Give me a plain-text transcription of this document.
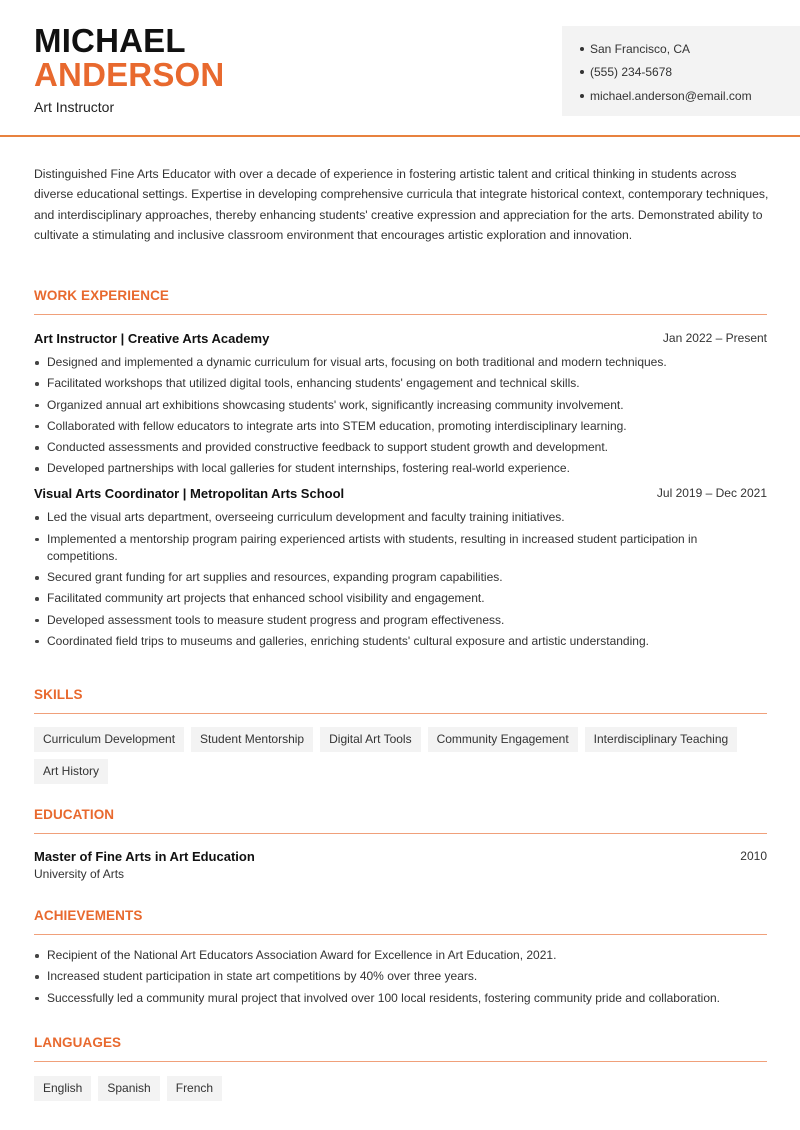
MICHAEL
ANDERSON
Art Instructor
San Francisco, CA
(555) 234-5678
michael.anderson@email.com

Distinguished Fine Arts Educator with over a decade of experience in fostering artistic talent and critical thinking in students across diverse educational settings. Expertise in developing comprehensive curricula that integrate historical context, contemporary techniques, and interdisciplinary approaches, thereby enhancing students' creative expression and appreciation for the arts. Demonstrated ability to cultivate a stimulating and inclusive classroom environment that encourages artistic exploration and innovation.

WORK EXPERIENCE
Art Instructor | Creative Arts Academy	Jan 2022 – Present
Designed and implemented a dynamic curriculum for visual arts, focusing on both traditional and modern techniques.
Facilitated workshops that utilized digital tools, enhancing students' engagement and technical skills.
Organized annual art exhibitions showcasing students' work, significantly increasing community involvement.
Collaborated with fellow educators to integrate arts into STEM education, promoting interdisciplinary learning.
Conducted assessments and provided constructive feedback to support student growth and development.
Developed partnerships with local galleries for student internships, fostering real-world experience.
Visual Arts Coordinator | Metropolitan Arts School	Jul 2019 – Dec 2021
Led the visual arts department, overseeing curriculum development and faculty training initiatives.
Implemented a mentorship program pairing experienced artists with students, resulting in increased student participation in competitions.
Secured grant funding for art supplies and resources, expanding program capabilities.
Facilitated community art projects that enhanced school visibility and engagement.
Developed assessment tools to measure student progress and program effectiveness.
Coordinated field trips to museums and galleries, enriching students' cultural exposure and artistic understanding.
SKILLS
Curriculum Development	Student Mentorship	Digital Art Tools	Community Engagement	Interdisciplinary Teaching
Art History
EDUCATION
Master of Fine Arts in Art Education	2010
University of Arts
ACHIEVEMENTS
Recipient of the National Art Educators Association Award for Excellence in Art Education, 2021.
Increased student participation in state art competitions by 40% over three years.
Successfully led a community mural project that involved over 100 local residents, fostering community pride and collaboration.
LANGUAGES
English	Spanish	French
